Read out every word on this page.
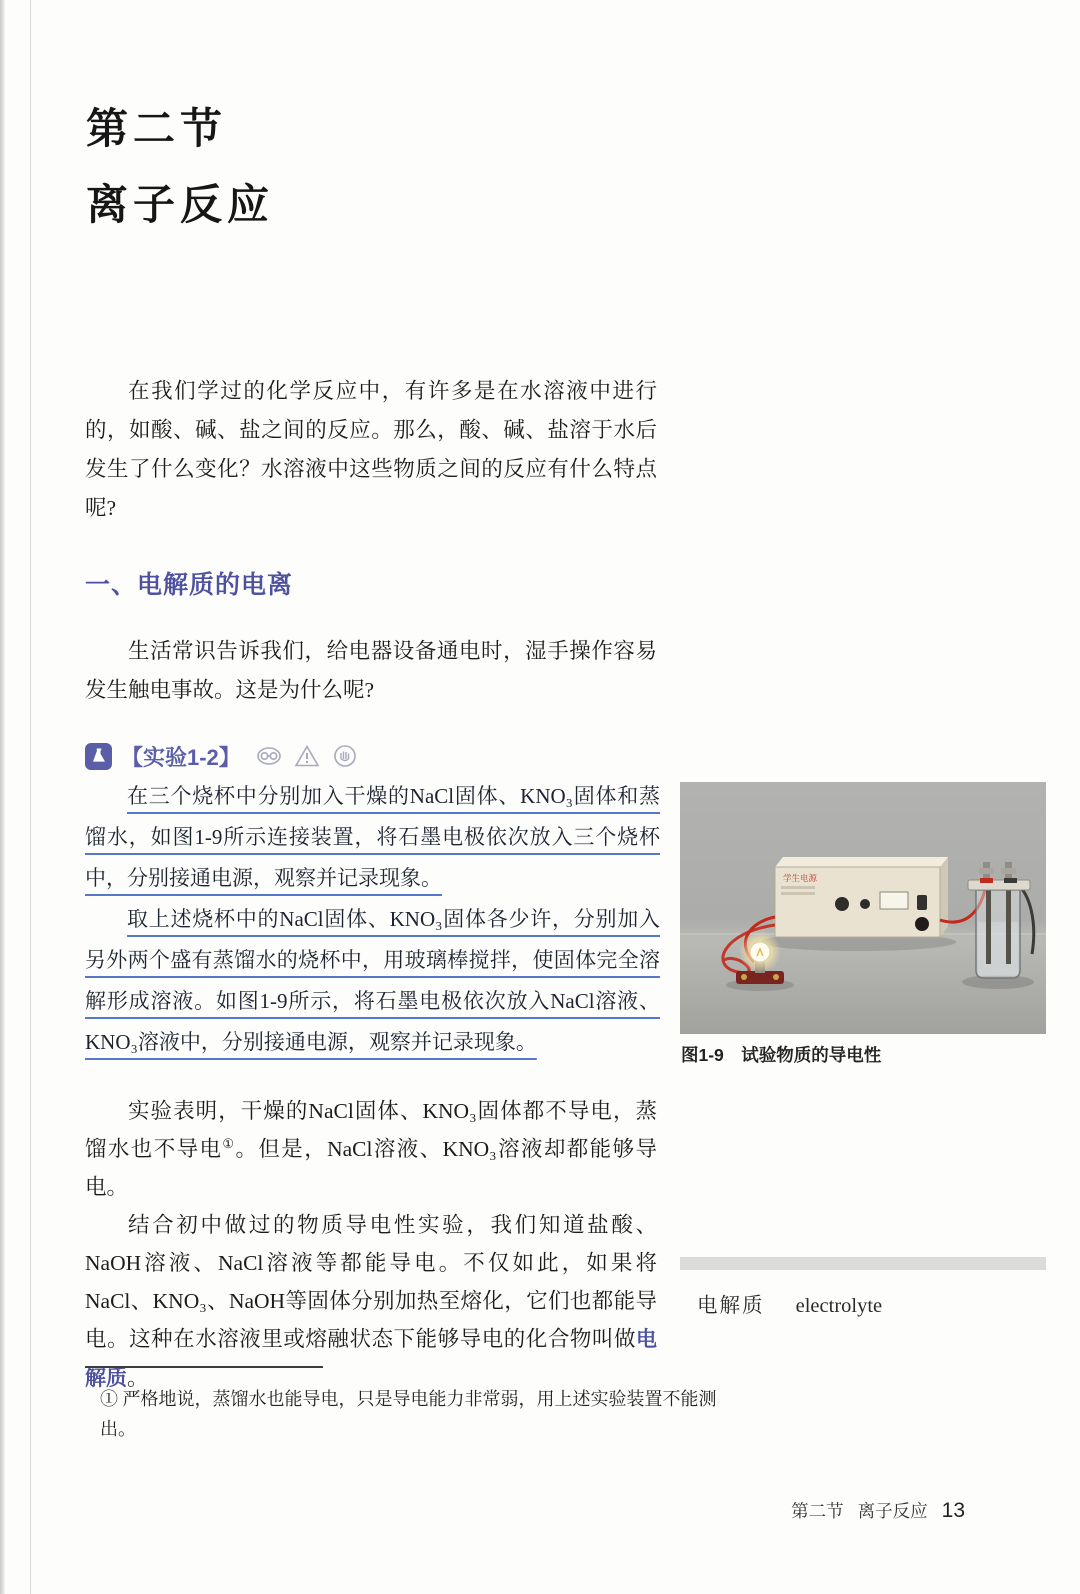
第二节
离子反应

在我们学过的化学反应中，有许多是在水溶液中进行的，如酸、碱、盐之间的反应。那么，酸、碱、盐溶于水后发生了什么变化？水溶液中这些物质之间的反应有什么特点呢?

一、电解质的电离

生活常识告诉我们，给电器设备通电时，湿手操作容易发生触电事故。这是为什么呢?

【实验1-2】

在三个烧杯中分别加入干燥的NaCl固体、KNO₃固体和蒸馏水，如图1-9所示连接装置，将石墨电极依次放入三个烧杯中，分别接通电源，观察并记录现象。

取上述烧杯中的NaCl固体、KNO₃固体各少许，分别加入另外两个盛有蒸馏水的烧杯中，用玻璃棒搅拌，使固体完全溶解形成溶液。如图1-9所示，将石墨电极依次放入NaCl溶液、KNO₃溶液中，分别接通电源，观察并记录现象。

实验表明，干燥的NaCl固体、KNO₃固体都不导电，蒸馏水也不导电①。但是，NaCl溶液、KNO₃溶液却都能够导电。

结合初中做过的物质导电性实验，我们知道盐酸、NaOH溶液、NaCl溶液等都能导电。不仅如此，如果将NaCl、KNO₃、NaOH等固体分别加热至熔化，它们也都能导电。这种在水溶液里或熔融状态下能够导电的化合物叫做电解质。

学生电源
图1-9　试验物质的导电性
电解质 electrolyte
① 严格地说，蒸馏水也能导电，只是导电能力非常弱，用上述实验装置不能测出。
第二节 离子反应 13
